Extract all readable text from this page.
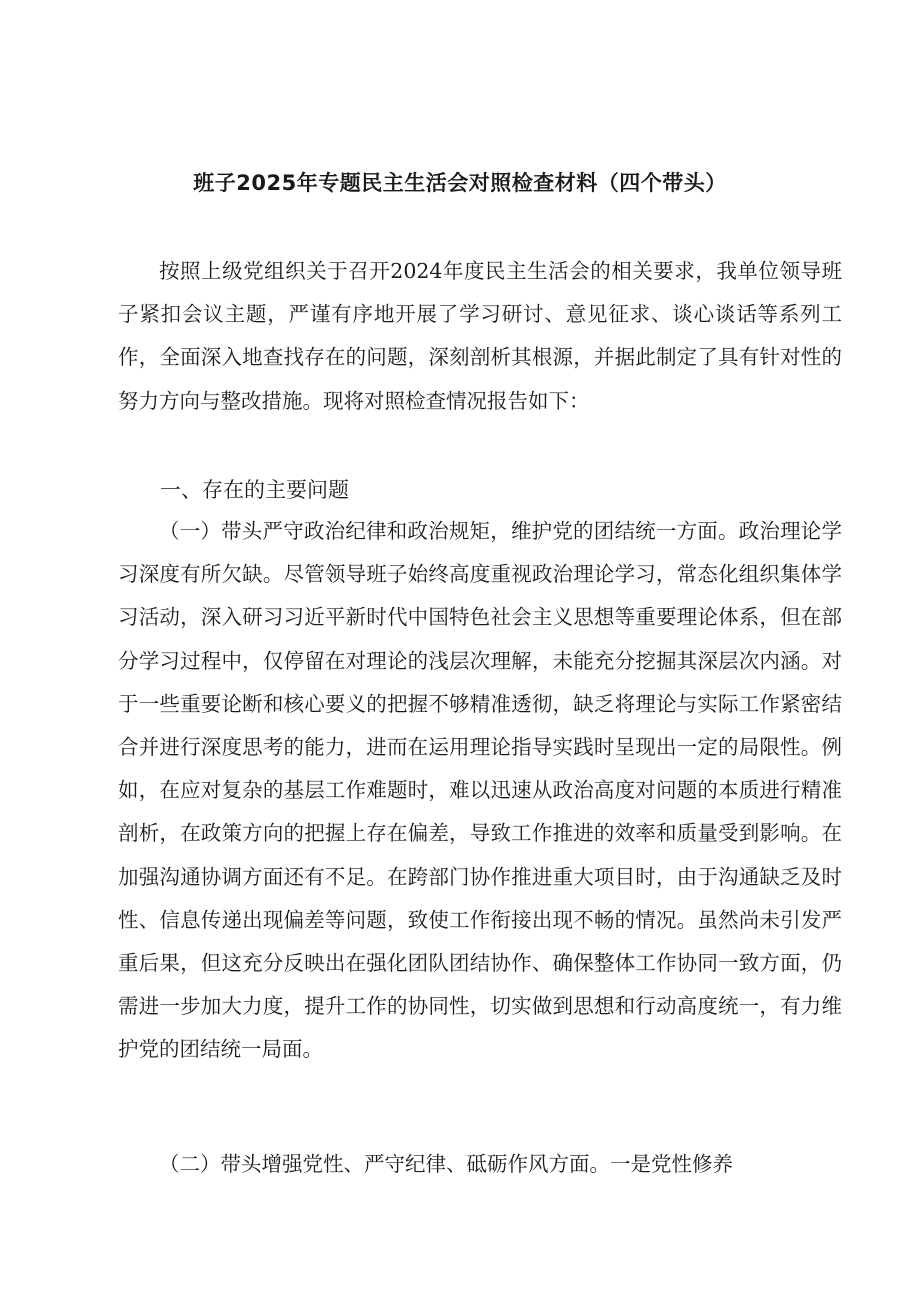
班子2025年专题民主生活会对照检查材料（四个带头）

按照上级党组织关于召开2024年度民主生活会的相关要求，我单位领导班子紧扣会议主题，严谨有序地开展了学习研讨、意见征求、谈心谈话等系列工作，全面深入地查找存在的问题，深刻剖析其根源，并据此制定了具有针对性的努力方向与整改措施。现将对照检查情况报告如下：

一、存在的主要问题

（一）带头严守政治纪律和政治规矩，维护党的团结统一方面。政治理论学习深度有所欠缺。尽管领导班子始终高度重视政治理论学习，常态化组织集体学习活动，深入研习习近平新时代中国特色社会主义思想等重要理论体系，但在部分学习过程中，仅停留在对理论的浅层次理解，未能充分挖掘其深层次内涵。对于一些重要论断和核心要义的把握不够精准透彻，缺乏将理论与实际工作紧密结合并进行深度思考的能力，进而在运用理论指导实践时呈现出一定的局限性。例如，在应对复杂的基层工作难题时，难以迅速从政治高度对问题的本质进行精准剖析，在政策方向的把握上存在偏差，导致工作推进的效率和质量受到影响。在加强沟通协调方面还有不足。在跨部门协作推进重大项目时，由于沟通缺乏及时性、信息传递出现偏差等问题，致使工作衔接出现不畅的情况。虽然尚未引发严重后果，但这充分反映出在强化团队团结协作、确保整体工作协同一致方面，仍需进一步加大力度，提升工作的协同性，切实做到思想和行动高度统一，有力维护党的团结统一局面。

（二）带头增强党性、严守纪律、砥砺作风方面。一是党性修养
